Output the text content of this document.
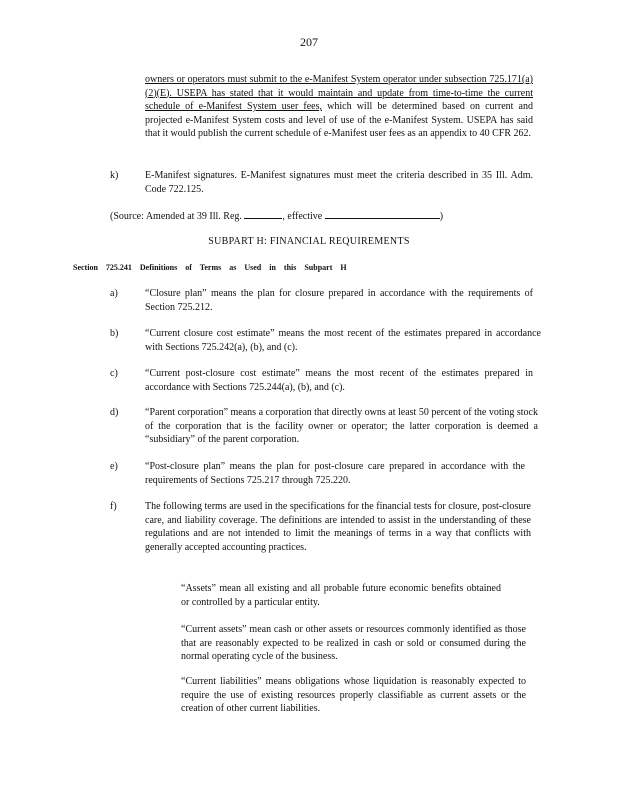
207
owners or operators must submit to the e-Manifest System operator under subsection 725.171(a)(2)(E). USEPA has stated that it would maintain and update from time-to-time the current schedule of e-Manifest System user fees, which will be determined based on current and projected e-Manifest System costs and level of use of the e-Manifest System. USEPA has said that it would publish the current schedule of e-Manifest user fees as an appendix to 40 CFR 262.
k)	E-Manifest signatures. E-Manifest signatures must meet the criteria described in 35 Ill. Adm. Code 722.125.
(Source: Amended at 39 Ill. Reg.	, effective	)
SUBPART H: FINANCIAL REQUIREMENTS
Section 725.241 Definitions of Terms as Used in this Subpart H
a)	“Closure plan” means the plan for closure prepared in accordance with the requirements of Section 725.212.
b)	“Current closure cost estimate” means the most recent of the estimates prepared in accordance with Sections 725.242(a), (b), and (c).
c)	“Current post-closure cost estimate” means the most recent of the estimates prepared in accordance with Sections 725.244(a), (b), and (c).
d)	“Parent corporation” means a corporation that directly owns at least 50 percent of the voting stock of the corporation that is the facility owner or operator; the latter corporation is deemed a “subsidiary” of the parent corporation.
e)	“Post-closure plan” means the plan for post-closure care prepared in accordance with the requirements of Sections 725.217 through 725.220.
f)	The following terms are used in the specifications for the financial tests for closure, post-closure care, and liability coverage. The definitions are intended to assist in the understanding of these regulations and are not intended to limit the meanings of terms in a way that conflicts with generally accepted accounting practices.
“Assets” mean all existing and all probable future economic benefits obtained or controlled by a particular entity.
“Current assets” mean cash or other assets or resources commonly identified as those that are reasonably expected to be realized in cash or sold or consumed during the normal operating cycle of the business.
“Current liabilities” means obligations whose liquidation is reasonably expected to require the use of existing resources properly classifiable as current assets or the creation of other current liabilities.
